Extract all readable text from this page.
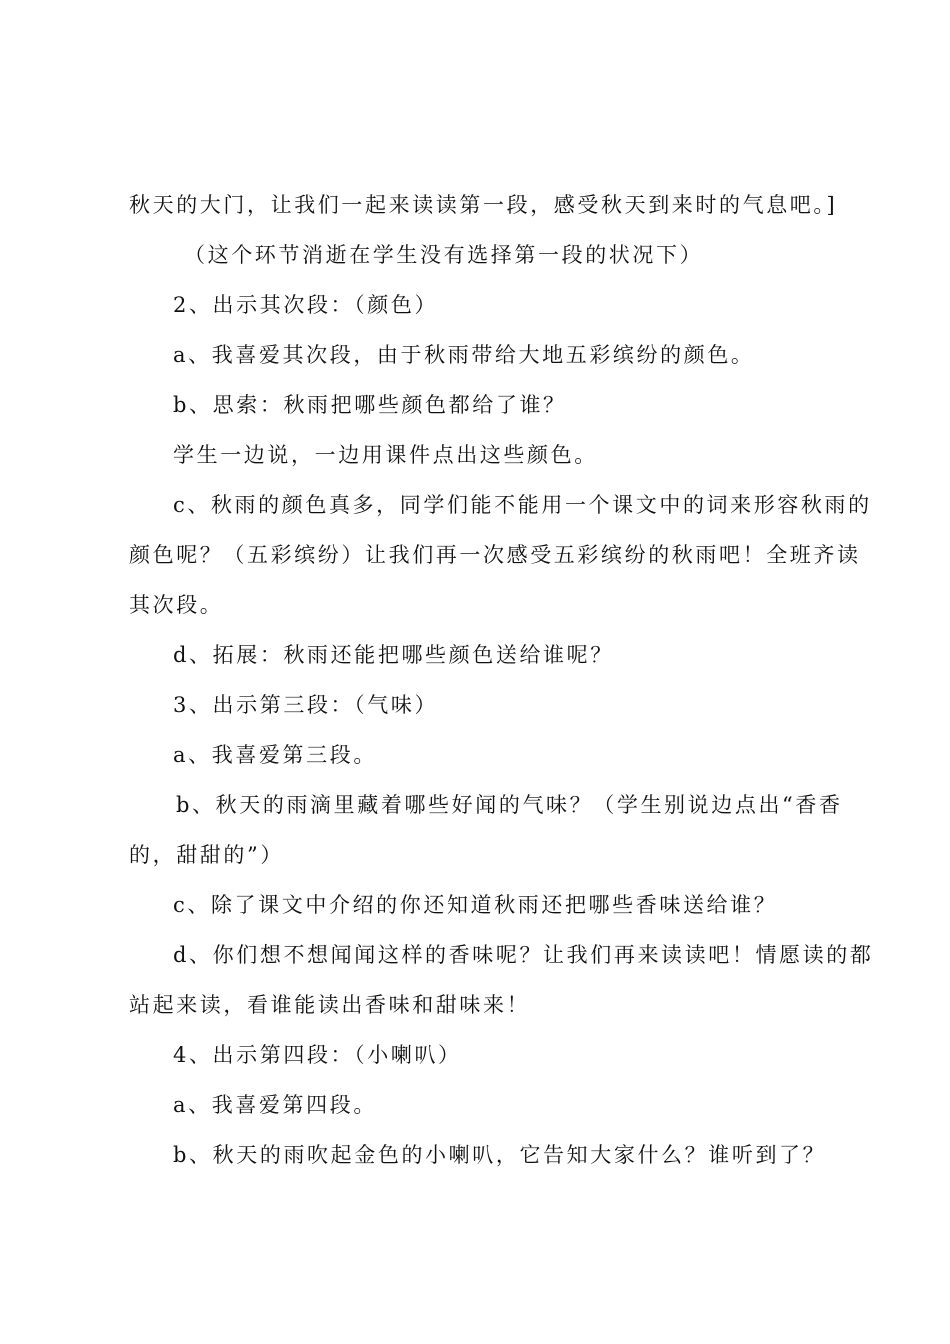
秋天的大门，让我们一起来读读第一段，感受秋天到来时的气息吧。]

（这个环节消逝在学生没有选择第一段的状况下）

2、出示其次段：（颜色）

a、我喜爱其次段，由于秋雨带给大地五彩缤纷的颜色。

b、思索：秋雨把哪些颜色都给了谁？

学生一边说，一边用课件点出这些颜色。

c、秋雨的颜色真多，同学们能不能用一个课文中的词来形容秋雨的

颜色呢？（五彩缤纷）让我们再一次感受五彩缤纷的秋雨吧！全班齐读

其次段。

d、拓展：秋雨还能把哪些颜色送给谁呢？

3、出示第三段：（气味）

a、我喜爱第三段。

b、秋天的雨滴里藏着哪些好闻的气味？（学生别说边点出“香香

的，甜甜的”）

c、除了课文中介绍的你还知道秋雨还把哪些香味送给谁？

d、你们想不想闻闻这样的香味呢？让我们再来读读吧！情愿读的都

站起来读，看谁能读出香味和甜味来！

4、出示第四段：（小喇叭）

a、我喜爱第四段。

b、秋天的雨吹起金色的小喇叭，它告知大家什么？谁听到了？
